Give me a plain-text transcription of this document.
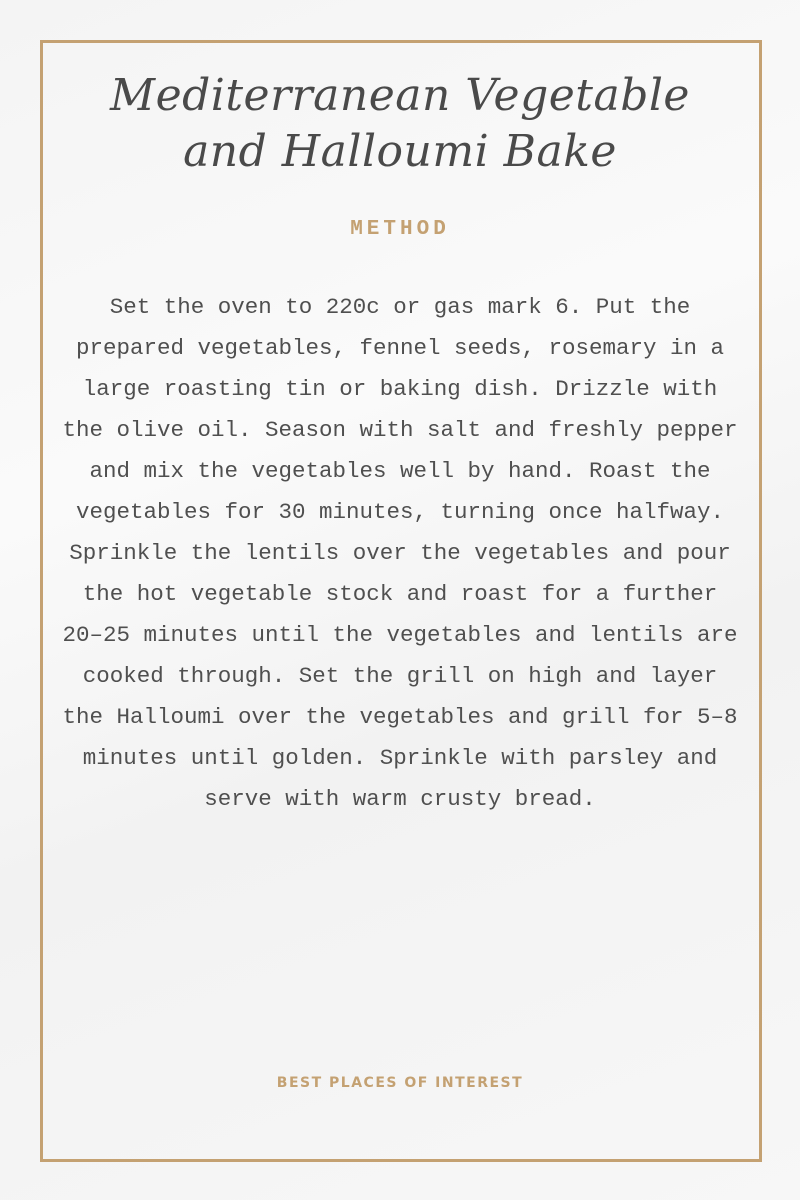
Mediterranean Vegetable
and Halloumi Bake
METHOD

Set the oven to 220c or gas mark 6. Put the prepared vegetables, fennel seeds, rosemary in a large roasting tin or baking dish. Drizzle with the olive oil. Season with salt and freshly pepper and mix the vegetables well by hand. Roast the vegetables for 30 minutes, turning once halfway. Sprinkle the lentils over the vegetables and pour the hot vegetable stock and roast for a further 20–25 minutes until the vegetables and lentils are cooked through. Set the grill on high and layer the Halloumi over the vegetables and grill for 5–8 minutes until golden. Sprinkle with parsley and serve with warm crusty bread.

BEST PLACES OF INTEREST
